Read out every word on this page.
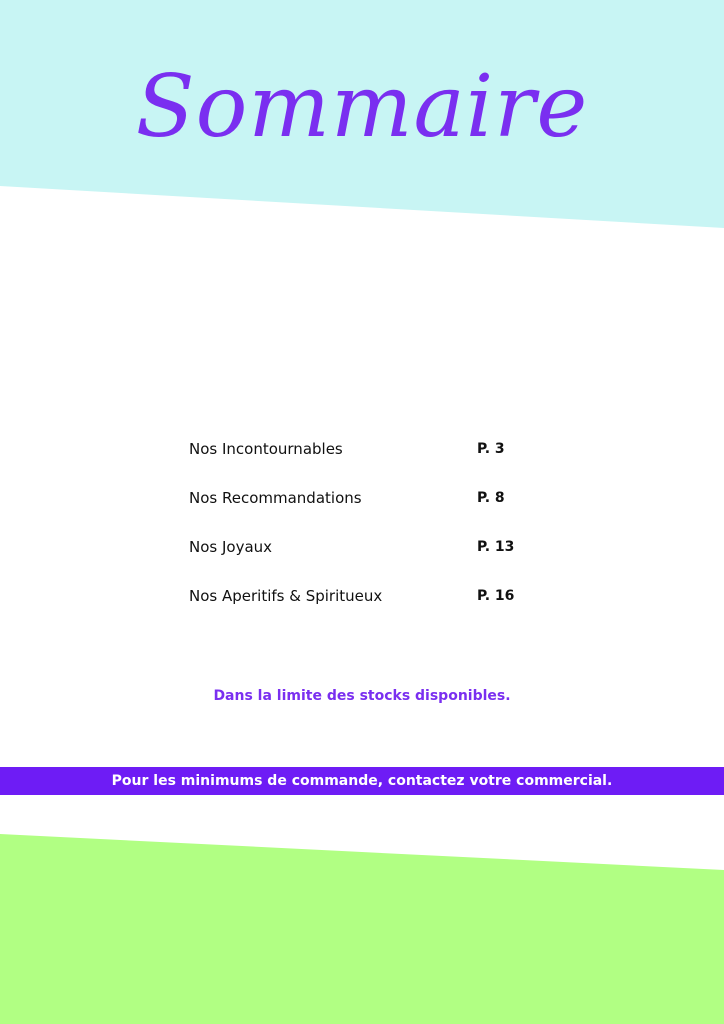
Sommaire
Nos Incontournables	P. 3
Nos Recommandations	P. 8
Nos Joyaux	P. 13
Nos Aperitifs & Spiritueux	P. 16
Dans la limite des stocks disponibles.
Pour les minimums de commande, contactez votre commercial.
